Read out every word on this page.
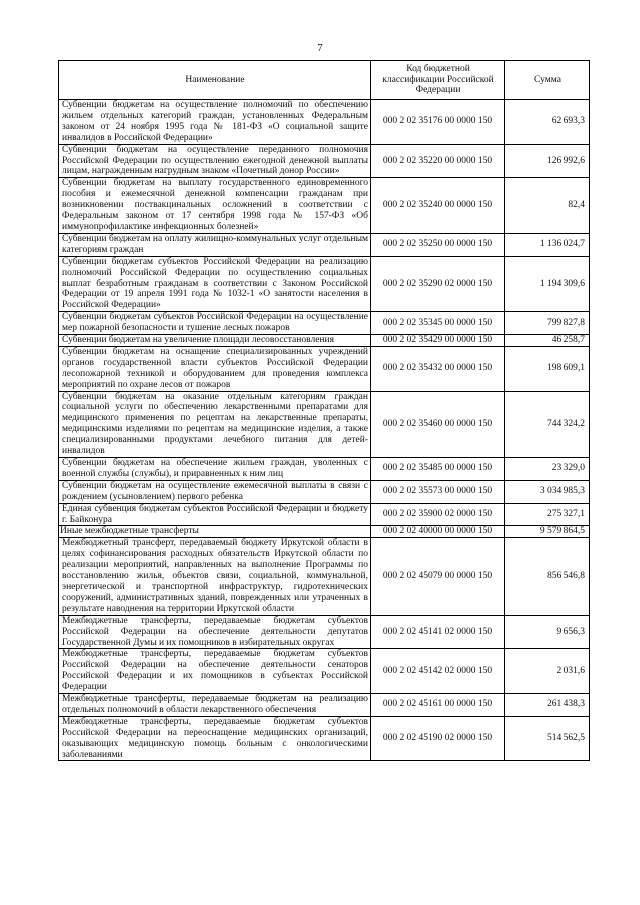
7
Наименование	Код бюджетной классификации Российской Федерации	Сумма
Субвенции бюджетам на осуществление полномочий по обеспечению жильем отдельных категорий граждан, установленных Федеральным законом от 24 ноября 1995 года № 181-ФЗ «О социальной защите инвалидов в Российской Федерации»	000 2 02 35176 00 0000 150	62 693,3
Субвенции бюджетам на осуществление переданного полномочия Российской Федерации по осуществлению ежегодной денежной выплаты лицам, награжденным нагрудным знаком «Почетный донор России»	000 2 02 35220 00 0000 150	126 992,6
Субвенции бюджетам на выплату государственного единовременного пособия и ежемесячной денежной компенсации гражданам при возникновении поствакцинальных осложнений в соответствии с Федеральным законом от 17 сентября 1998 года № 157-ФЗ «Об иммунопрофилактике инфекционных болезней»	000 2 02 35240 00 0000 150	82,4
Субвенции бюджетам на оплату жилищно-коммунальных услуг отдельным категориям граждан	000 2 02 35250 00 0000 150	1 136 024,7
Субвенции бюджетам субъектов Российской Федерации на реализацию полномочий Российской Федерации по осуществлению социальных выплат безработным гражданам в соответствии с Законом Российской Федерации от 19 апреля 1991 года № 1032-1 «О занятости населения в Российской Федерации»	000 2 02 35290 02 0000 150	1 194 309,6
Субвенции бюджетам субъектов Российской Федерации на осуществление мер пожарной безопасности и тушение лесных пожаров	000 2 02 35345 00 0000 150	799 827,8
Субвенции бюджетам на увеличение площади лесовосстановления	000 2 02 35429 00 0000 150	46 258,7
Субвенции бюджетам на оснащение специализированных учреждений органов государственной власти субъектов Российской Федерации лесопожарной техникой и оборудованием для проведения комплекса мероприятий по охране лесов от пожаров	000 2 02 35432 00 0000 150	198 609,1
Субвенции бюджетам на оказание отдельным категориям граждан социальной услуги по обеспечению лекарственными препаратами для медицинского применения по рецептам на лекарственные препараты, медицинскими изделиями по рецептам на медицинские изделия, а также специализированными продуктами лечебного питания для детей-инвалидов	000 2 02 35460 00 0000 150	744 324,2
Субвенции бюджетам на обеспечение жильем граждан, уволенных с военной службы (службы), и приравненных к ним лиц	000 2 02 35485 00 0000 150	23 329,0
Субвенции бюджетам на осуществление ежемесячной выплаты в связи с рождением (усыновлением) первого ребенка	000 2 02 35573 00 0000 150	3 034 985,3
Единая субвенция бюджетам субъектов Российской Федерации и бюджету г. Байконура	000 2 02 35900 02 0000 150	275 327,1
Иные межбюджетные трансферты	000 2 02 40000 00 0000 150	9 579 864,5
Межбюджетный трансферт, передаваемый бюджету Иркутской области в целях софинансирования расходных обязательств Иркутской области по реализации мероприятий, направленных на выполнение Программы по восстановлению жилья, объектов связи, социальной, коммунальной, энергетической и транспортной инфраструктур, гидротехнических сооружений, административных зданий, поврежденных или утраченных в результате наводнения на территории Иркутской области	000 2 02 45079 00 0000 150	856 546,8
Межбюджетные трансферты, передаваемые бюджетам субъектов Российской Федерации на обеспечение деятельности депутатов Государственной Думы и их помощников в избирательных округах	000 2 02 45141 02 0000 150	9 656,3
Межбюджетные трансферты, передаваемые бюджетам субъектов Российской Федерации на обеспечение деятельности сенаторов Российской Федерации и их помощников в субъектах Российской Федерации	000 2 02 45142 02 0000 150	2 031,6
Межбюджетные трансферты, передаваемые бюджетам на реализацию отдельных полномочий в области лекарственного обеспечения	000 2 02 45161 00 0000 150	261 438,3
Межбюджетные трансферты, передаваемые бюджетам субъектов Российской Федерации на переоснащение медицинских организаций, оказывающих медицинскую помощь больным с онкологическими заболеваниями	000 2 02 45190 02 0000 150	514 562,5
